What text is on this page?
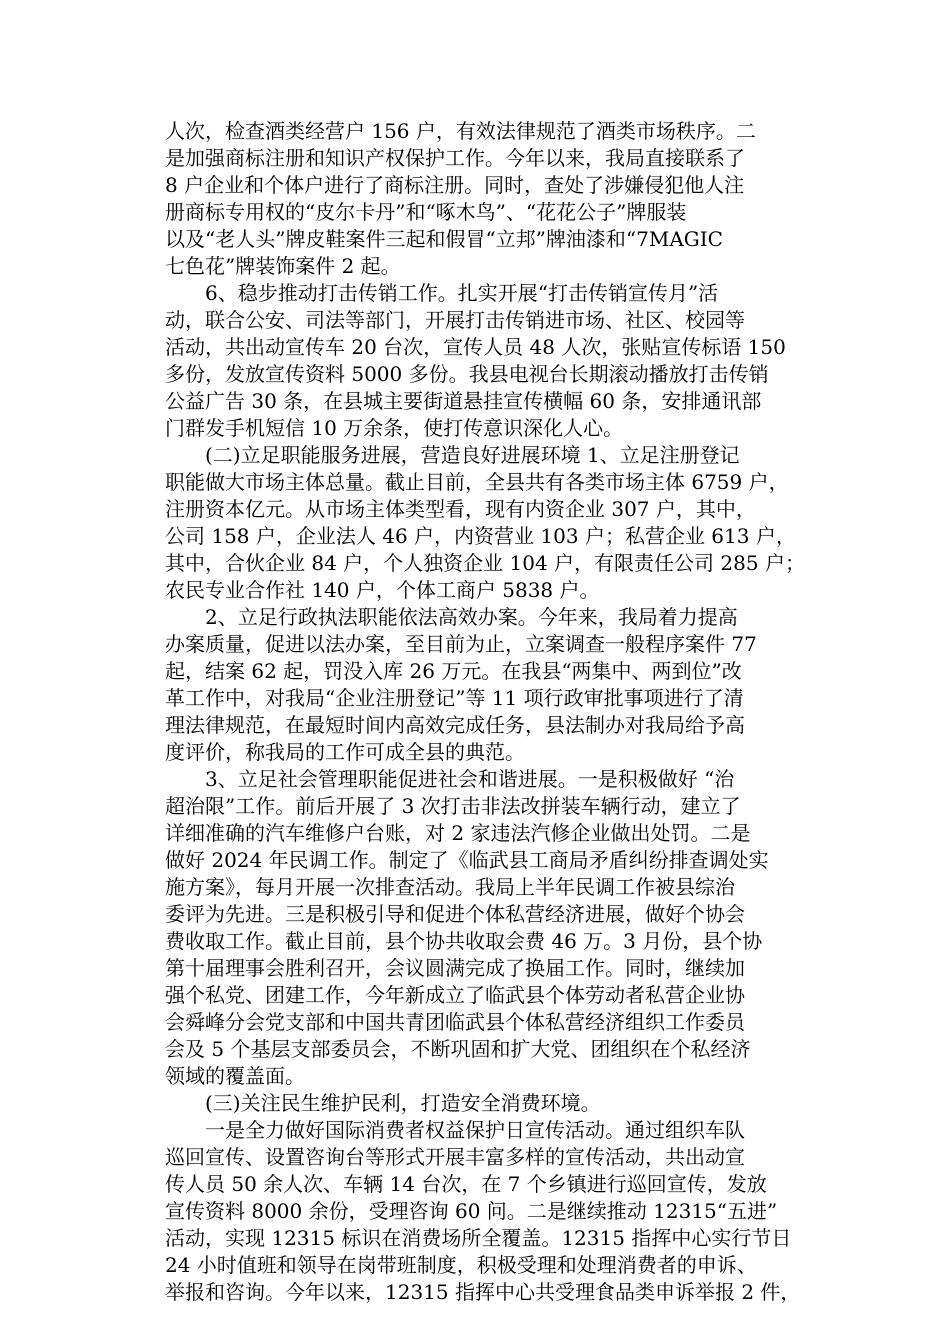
人次，检查酒类经营户 156 户，有效法律规范了酒类市场秩序。二
是加强商标注册和知识产权保护工作。今年以来，我局直接联系了
8 户企业和个体户进行了商标注册。同时，查处了涉嫌侵犯他人注
册商标专用权的“皮尔卡丹”和“啄木鸟”、“花花公子”牌服装
以及“老人头”牌皮鞋案件三起和假冒“立邦”牌油漆和“7MAGIC
七色花”牌装饰案件 2 起。
　　6、稳步推动打击传销工作。扎实开展“打击传销宣传月”活
动，联合公安、司法等部门，开展打击传销进市场、社区、校园等
活动，共出动宣传车 20 台次，宣传人员 48 人次，张贴宣传标语 150
多份，发放宣传资料 5000 多份。我县电视台长期滚动播放打击传销
公益广告 30 条，在县城主要街道悬挂宣传横幅 60 条，安排通讯部
门群发手机短信 10 万余条，使打传意识深化人心。
　　(二)立足职能服务进展，营造良好进展环境 1、立足注册登记
职能做大市场主体总量。截止目前，全县共有各类市场主体 6759 户，
注册资本亿元。从市场主体类型看，现有内资企业 307 户，其中，
公司 158 户，企业法人 46 户，内资营业 103 户；私营企业 613 户，
其中，合伙企业 84 户，个人独资企业 104 户，有限责任公司 285 户；
农民专业合作社 140 户，个体工商户 5838 户。
　　2、立足行政执法职能依法高效办案。今年来，我局着力提高
办案质量，促进以法办案，至目前为止，立案调查一般程序案件 77
起，结案 62 起，罚没入库 26 万元。在我县“两集中、两到位”改
革工作中，对我局“企业注册登记”等 11 项行政审批事项进行了清
理法律规范，在最短时间内高效完成任务，县法制办对我局给予高
度评价，称我局的工作可成全县的典范。
　　3、立足社会管理职能促进社会和谐进展。一是积极做好 “治
超治限”工作。前后开展了 3 次打击非法改拼装车辆行动，建立了
详细准确的汽车维修户台账，对 2 家违法汽修企业做出处罚。二是
做好 2024 年民调工作。制定了《临武县工商局矛盾纠纷排查调处实
施方案》，每月开展一次排查活动。我局上半年民调工作被县综治
委评为先进。三是积极引导和促进个体私营经济进展，做好个协会
费收取工作。截止目前，县个协共收取会费 46 万。3 月份，县个协
第十届理事会胜利召开，会议圆满完成了换届工作。同时，继续加
强个私党、团建工作，今年新成立了临武县个体劳动者私营企业协
会舜峰分会党支部和中国共青团临武县个体私营经济组织工作委员
会及 5 个基层支部委员会，不断巩固和扩大党、团组织在个私经济
领域的覆盖面。
　　(三)关注民生维护民利，打造安全消费环境。
　　一是全力做好国际消费者权益保护日宣传活动。通过组织车队
巡回宣传、设置咨询台等形式开展丰富多样的宣传活动，共出动宣
传人员 50 余人次、车辆 14 台次，在 7 个乡镇进行巡回宣传，发放
宣传资料 8000 余份，受理咨询 60 问。二是继续推动 12315“五进”
活动，实现 12315 标识在消费场所全覆盖。12315 指挥中心实行节日
24 小时值班和领导在岗带班制度，积极受理和处理消费者的申诉、
举报和咨询。今年以来，12315 指挥中心共受理食品类申诉举报 2 件，
